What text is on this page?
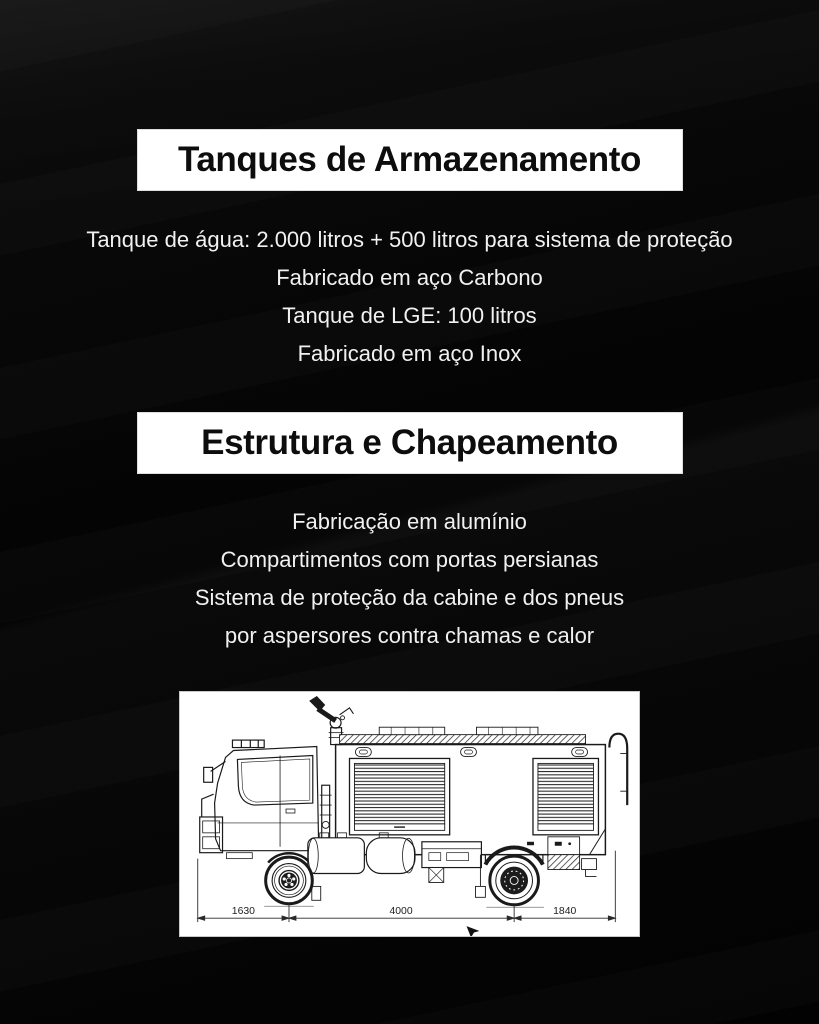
Tanques de Armazenamento
Tanque de água: 2.000 litros + 500 litros para sistema de proteção
Fabricado em aço Carbono
Tanque de LGE: 100 litros
Fabricado em aço Inox
Estrutura e Chapeamento
Fabricação em alumínio
Compartimentos com portas persianas
Sistema de proteção da cabine e dos pneus
por aspersores contra chamas e calor
1630	4000	1840
